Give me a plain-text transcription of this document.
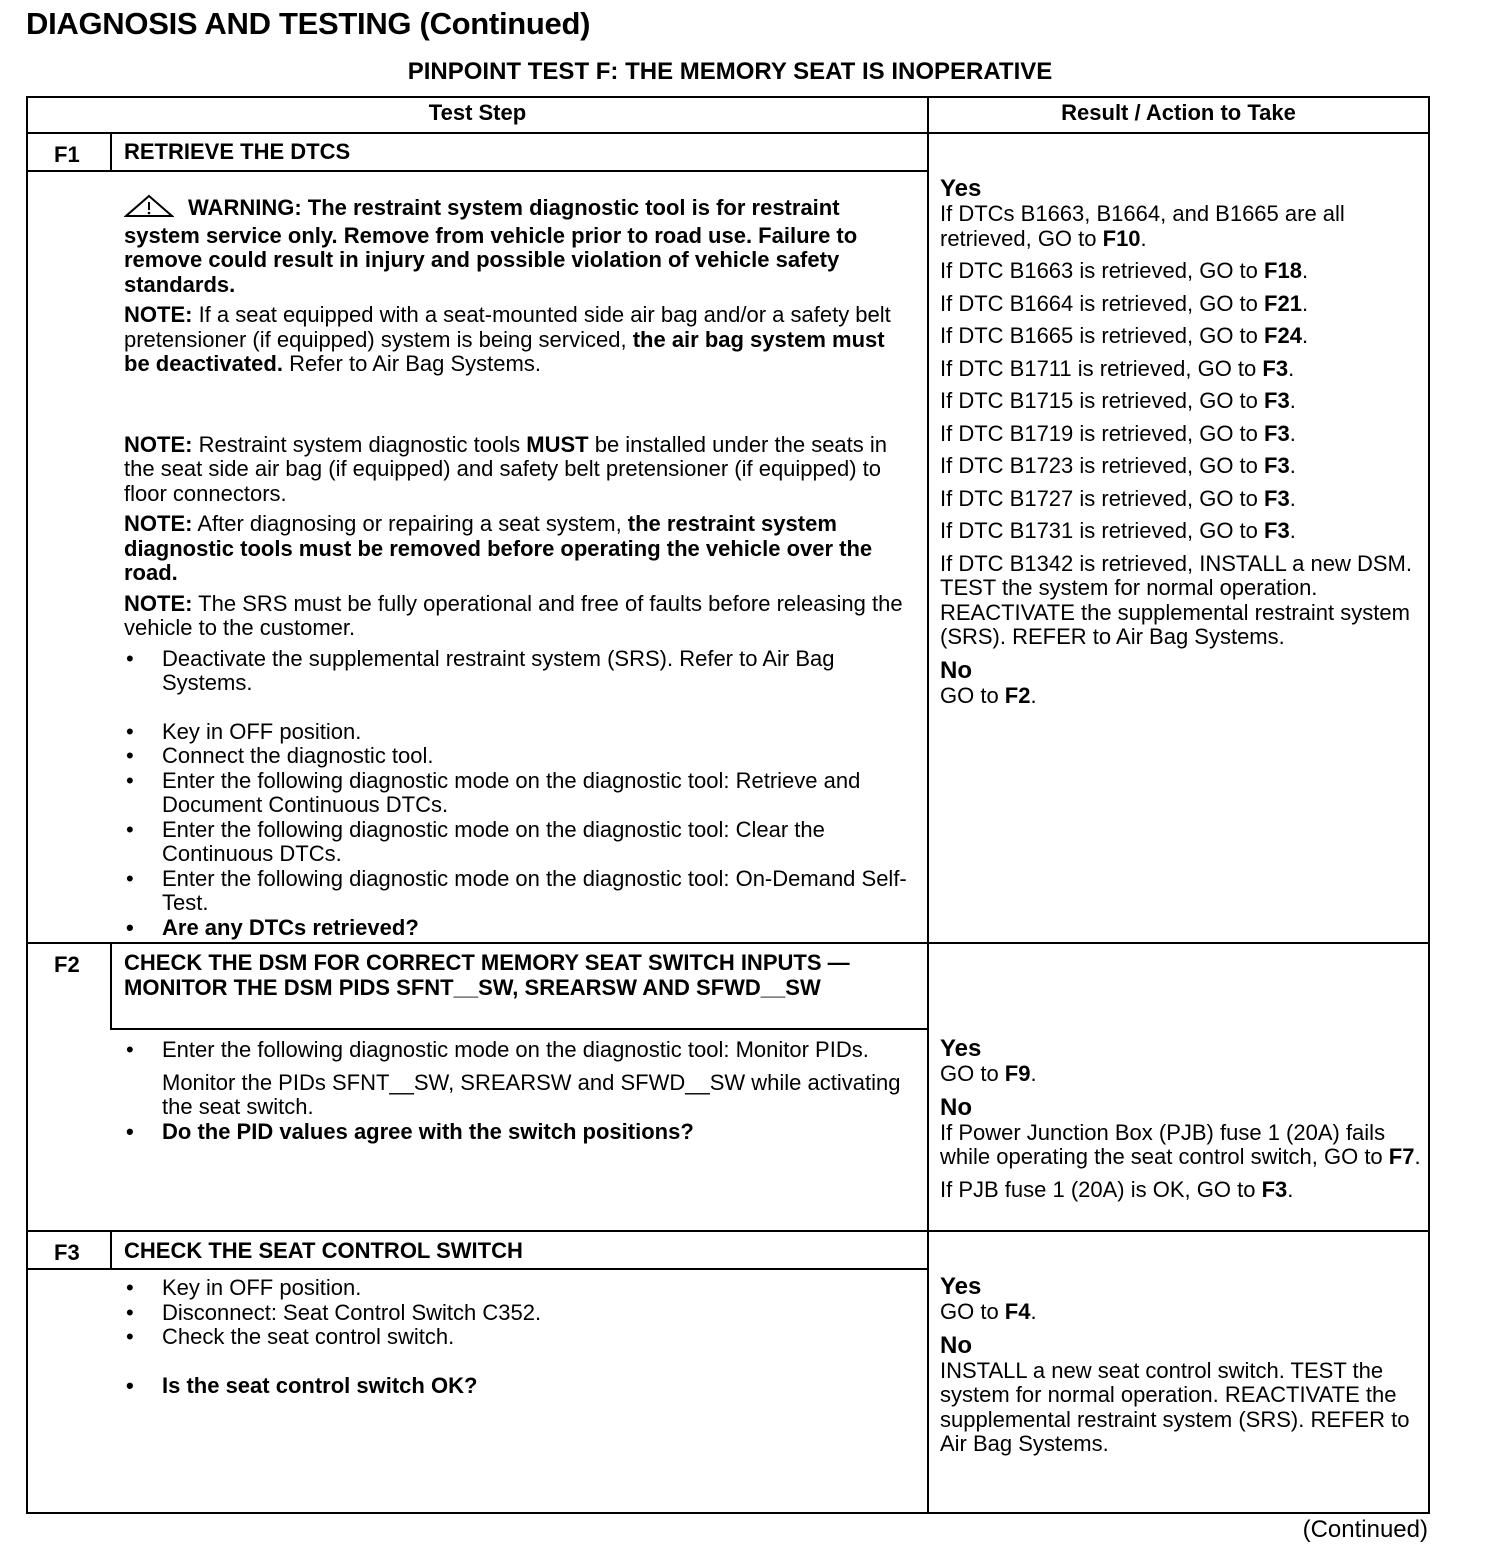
DIAGNOSIS AND TESTING (Continued)
PINPOINT TEST F: THE MEMORY SEAT IS INOPERATIVE
Test Step	Result / Action to Take
F1 RETRIEVE THE DTCS

WARNING: The restraint system diagnostic tool is for restraint system service only. Remove from vehicle prior to road use. Failure to remove could result in injury and possible violation of vehicle safety standards.

NOTE: If a seat equipped with a seat-mounted side air bag and/or a safety belt pretensioner (if equipped) system is being serviced, the air bag system must be deactivated. Refer to Air Bag Systems.

NOTE: Restraint system diagnostic tools MUST be installed under the seats in the seat side air bag (if equipped) and safety belt pretensioner (if equipped) to floor connectors.

NOTE: After diagnosing or repairing a seat system, the restraint system diagnostic tools must be removed before operating the vehicle over the road.

NOTE: The SRS must be fully operational and free of faults before releasing the vehicle to the customer.

• Deactivate the supplemental restraint system (SRS). Refer to Air Bag Systems.
• Key in OFF position.
• Connect the diagnostic tool.
• Enter the following diagnostic mode on the diagnostic tool: Retrieve and Document Continuous DTCs.
• Enter the following diagnostic mode on the diagnostic tool: Clear the Continuous DTCs.
• Enter the following diagnostic mode on the diagnostic tool: On-Demand Self-Test.
• Are any DTCs retrieved?

Yes

If DTCs B1663, B1664, and B1665 are all retrieved, GO to F10.

If DTC B1663 is retrieved, GO to F18.

If DTC B1664 is retrieved, GO to F21.

If DTC B1665 is retrieved, GO to F24.

If DTC B1711 is retrieved, GO to F3.

If DTC B1715 is retrieved, GO to F3.

If DTC B1719 is retrieved, GO to F3.

If DTC B1723 is retrieved, GO to F3.

If DTC B1727 is retrieved, GO to F3.

If DTC B1731 is retrieved, GO to F3.

If DTC B1342 is retrieved, INSTALL a new DSM. TEST the system for normal operation.

REACTIVATE the supplemental restraint system (SRS). REFER to Air Bag Systems.

No

GO to F2.

F2 CHECK THE DSM FOR CORRECT MEMORY SEAT SWITCH INPUTS — MONITOR THE DSM PIDS SFNT__SW, SREARSW AND SFWD__SW
• Enter the following diagnostic mode on the diagnostic tool: Monitor PIDs.

Monitor the PIDs SFNT__SW, SREARSW and SFWD__SW while activating the seat switch.

• Do the PID values agree with the switch positions?

Yes

GO to F9.

No

If Power Junction Box (PJB) fuse 1 (20A) fails while operating the seat control switch, GO to F7.

If PJB fuse 1 (20A) is OK, GO to F3.

F3 CHECK THE SEAT CONTROL SWITCH
• Key in OFF position.
• Disconnect: Seat Control Switch C352.
• Check the seat control switch.
• Is the seat control switch OK?

Yes

GO to F4.

No

INSTALL a new seat control switch. TEST the system for normal operation. REACTIVATE the supplemental restraint system (SRS). REFER to Air Bag Systems.

(Continued)
